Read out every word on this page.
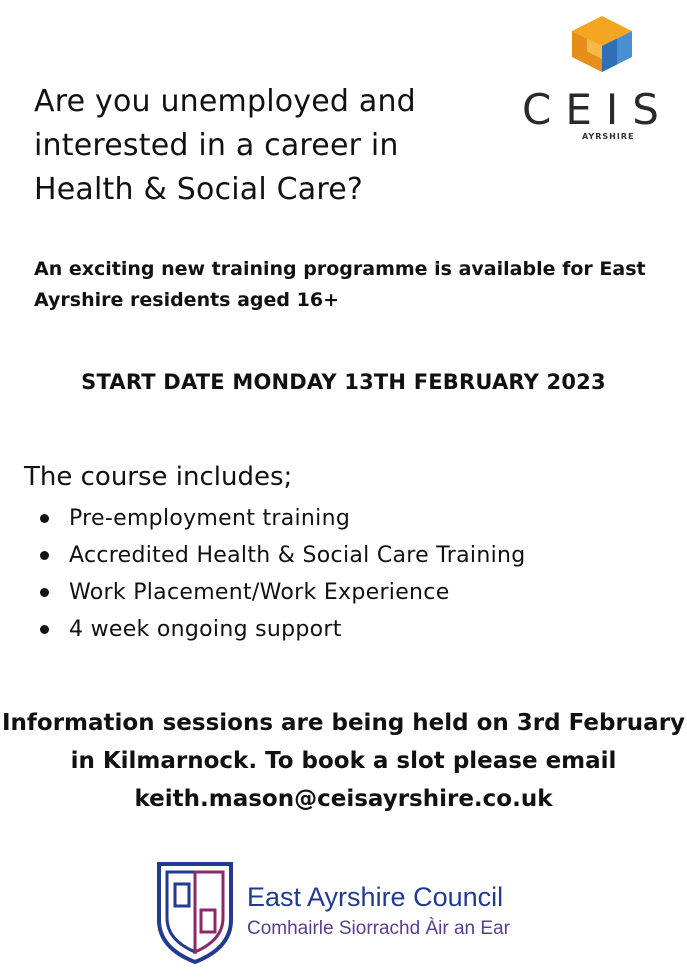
Are you unemployed and interested in a career in Health & Social Care?
CEIS
AYRSHIRE

An exciting new training programme is available for East Ayrshire residents aged 16+

START DATE MONDAY 13TH FEBRUARY 2023

The course includes;

Pre-employment training
Accredited Health & Social Care Training
Work Placement/Work Experience
4 week ongoing support

Information sessions are being held on 3rd February in Kilmarnock. To book a slot please email keith.mason@ceisayrshire.co.uk

East Ayrshire Council
Comhairle Siorrachd Àir an Ear
